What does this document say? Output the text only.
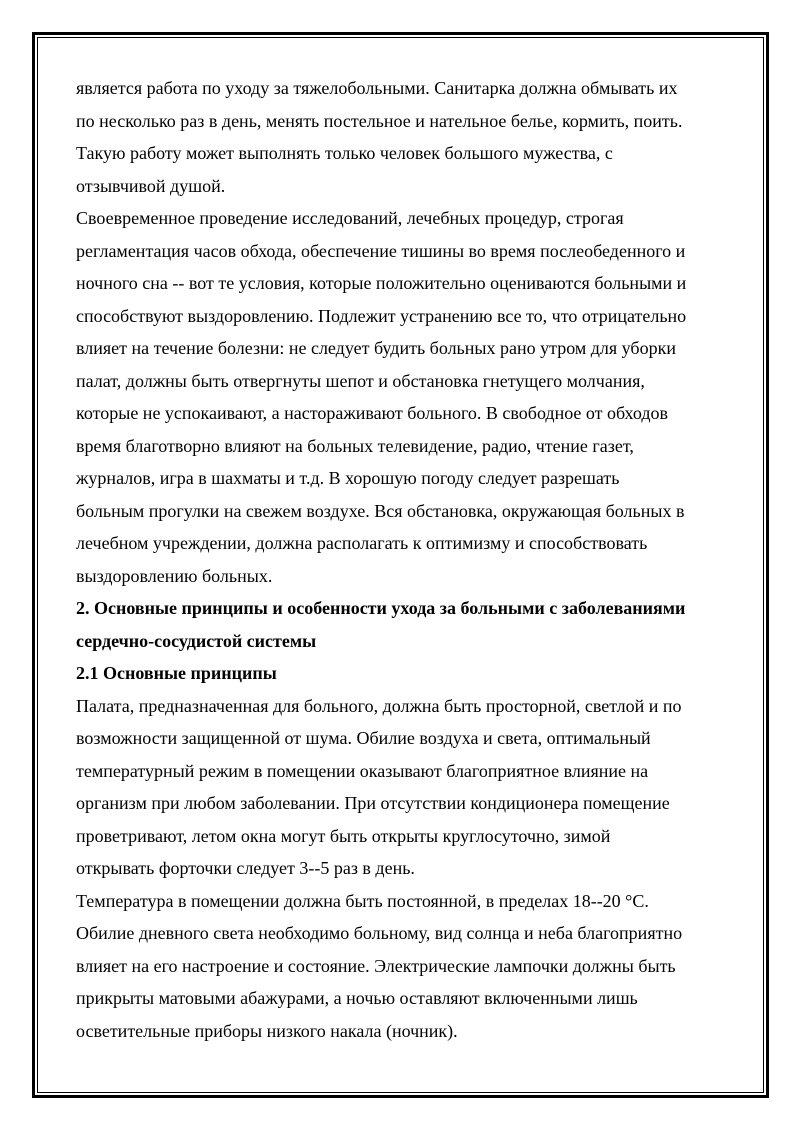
является работа по уходу за тяжелобольными. Санитарка должна обмывать их
по несколько раз в день, менять постельное и нательное белье, кормить, поить.
Такую работу может выполнять только человек большого мужества, с
отзывчивой душой.

Своевременное проведение исследований, лечебных процедур, строгая
регламентация часов обхода, обеспечение тишины во время послеобеденного и
ночного сна -- вот те условия, которые положительно оцениваются больными и
способствуют выздоровлению. Подлежит устранению все то, что отрицательно
влияет на течение болезни: не следует будить больных рано утром для уборки
палат, должны быть отвергнуты шепот и обстановка гнетущего молчания,
которые не успокаивают, а настораживают больного. В свободное от обходов
время благотворно влияют на больных телевидение, радио, чтение газет,
журналов, игра в шахматы и т.д. В хорошую погоду следует разрешать
больным прогулки на свежем воздухе. Вся обстановка, окружающая больных в
лечебном учреждении, должна располагать к оптимизму и способствовать
выздоровлению больных.

2. Основные принципы и особенности ухода за больными с заболеваниями
сердечно-сосудистой системы

2.1 Основные принципы

Палата, предназначенная для больного, должна быть просторной, светлой и по
возможности защищенной от шума. Обилие воздуха и света, оптимальный
температурный режим в помещении оказывают благоприятное влияние на
организм при любом заболевании. При отсутствии кондиционера помещение
проветривают, летом окна могут быть открыты круглосуточно, зимой
открывать форточки следует 3--5 раз в день.

Температура в помещении должна быть постоянной, в пределах 18--20 °C.
Обилие дневного света необходимо больному, вид солнца и неба благоприятно
влияет на его настроение и состояние. Электрические лампочки должны быть
прикрыты матовыми абажурами, а ночью оставляют включенными лишь
осветительные приборы низкого накала (ночник).
